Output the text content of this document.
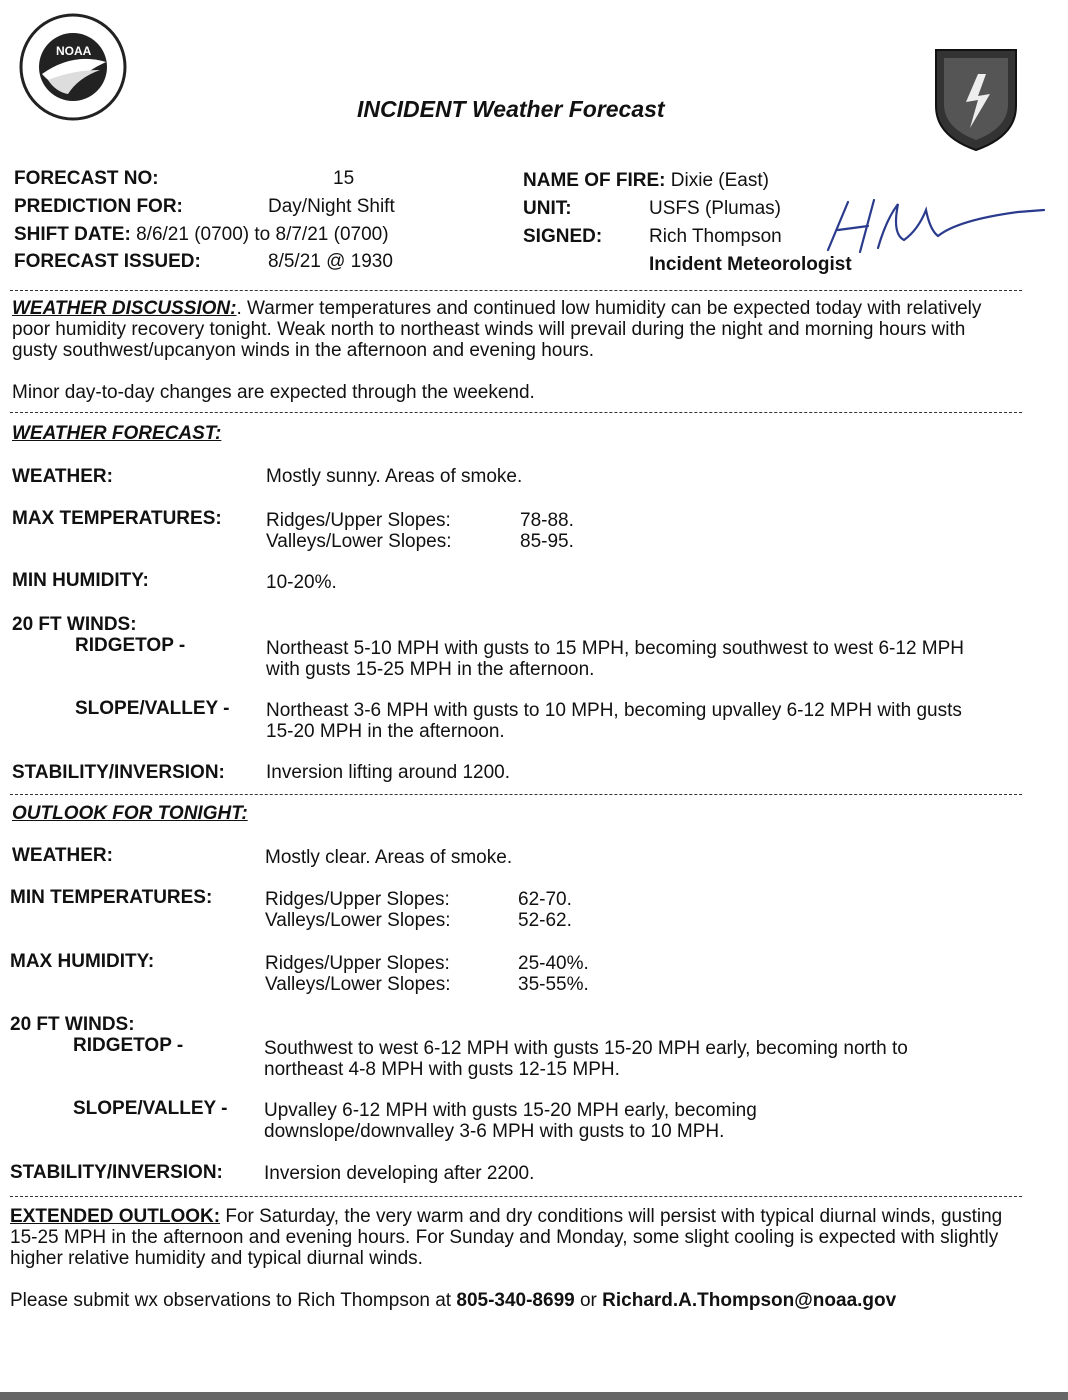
NOAA
INCIDENT Weather Forecast
FORECAST NO:	15
PREDICTION FOR:	Day/Night Shift
SHIFT DATE: 8/6/21 (0700) to 8/7/21 (0700)
FORECAST ISSUED:	8/5/21 @ 1930
NAME OF FIRE: Dixie (East)
UNIT:	USFS (Plumas)
SIGNED: Rich Thompson
Incident Meteorologist
WEATHER DISCUSSION:. Warmer temperatures and continued low humidity can be expected today with relatively poor humidity recovery tonight. Weak north to northeast winds will prevail during the night and morning hours with gusty southwest/upcanyon winds in the afternoon and evening hours.
Minor day-to-day changes are expected through the weekend.
WEATHER FORECAST:
WEATHER:	Mostly sunny. Areas of smoke.
MAX TEMPERATURES: Ridges/Upper Slopes:	78-88.
Valleys/Lower Slopes:	85-95.
MIN HUMIDITY:	10-20%.
20 FT WINDS:
RIDGETOP -	Northeast 5-10 MPH with gusts to 15 MPH, becoming southwest to west 6-12 MPH with gusts 15-25 MPH in the afternoon.
SLOPE/VALLEY - Northeast 3-6 MPH with gusts to 10 MPH, becoming upvalley 6-12 MPH with gusts 15-20 MPH in the afternoon.
STABILITY/INVERSION: Inversion lifting around 1200.
OUTLOOK FOR TONIGHT:
WEATHER:	Mostly clear. Areas of smoke.
MIN TEMPERATURES:	Ridges/Upper Slopes:	62-70.
Valleys/Lower Slopes:	52-62.
MAX HUMIDITY:	Ridges/Upper Slopes:	25-40%.
Valleys/Lower Slopes:	35-55%.
20 FT WINDS:
RIDGETOP -	Southwest to west 6-12 MPH with gusts 15-20 MPH early, becoming north to northeast 4-8 MPH with gusts 12-15 MPH.
SLOPE/VALLEY - Upvalley 6-12 MPH with gusts 15-20 MPH early, becoming downslope/downvalley 3-6 MPH with gusts to 10 MPH.
STABILITY/INVERSION: Inversion developing after 2200.
EXTENDED OUTLOOK: For Saturday, the very warm and dry conditions will persist with typical diurnal winds, gusting 15-25 MPH in the afternoon and evening hours. For Sunday and Monday, some slight cooling is expected with slightly higher relative humidity and typical diurnal winds.
Please submit wx observations to Rich Thompson at 805-340-8699 or Richard.A.Thompson@noaa.gov
